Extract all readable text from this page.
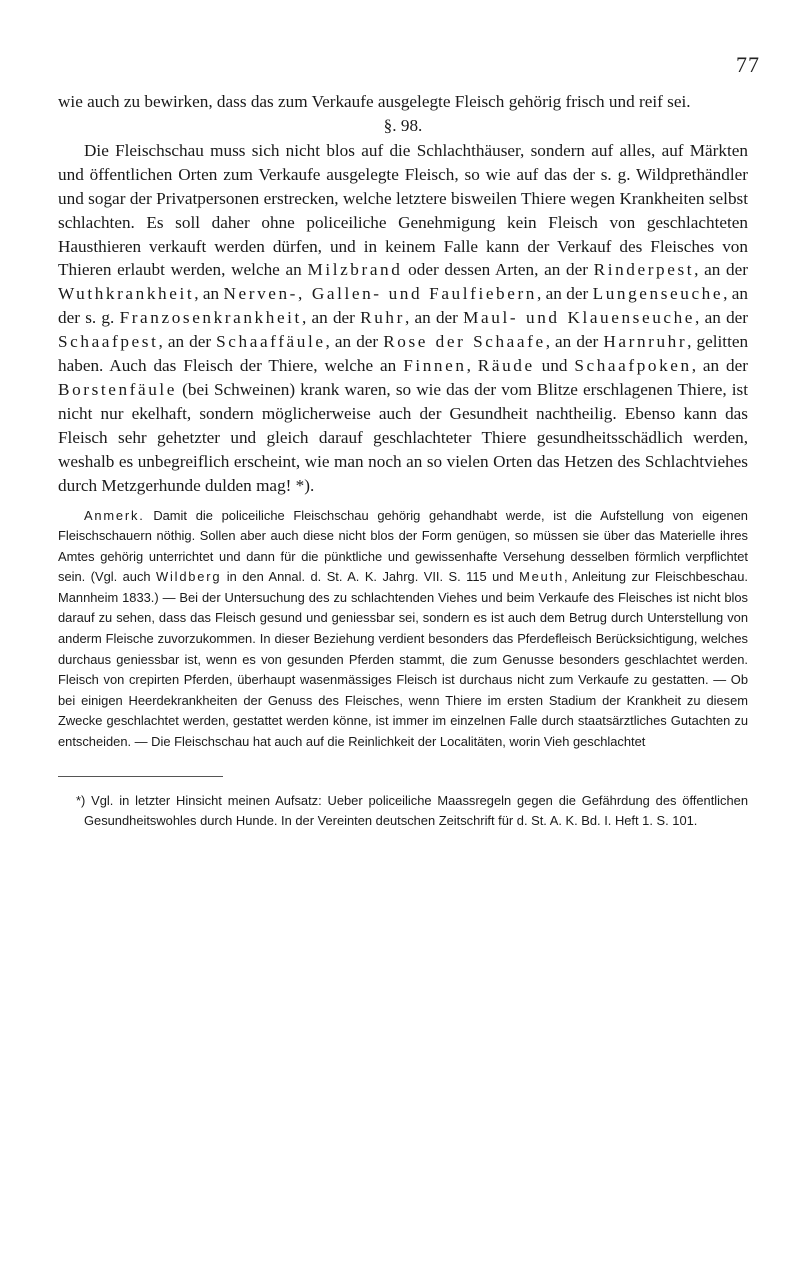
77

wie auch zu bewirken, dass das zum Verkaufe ausgelegte Fleisch gehörig frisch und reif sei.

§. 98.

Die Fleischschau muss sich nicht blos auf die Schlachthäuser, sondern auf alles, auf Märkten und öffentlichen Orten zum Verkaufe ausgelegte Fleisch, so wie auf das der s. g. Wildprethändler und sogar der Privatpersonen erstrecken, welche letztere bisweilen Thiere wegen Krankheiten selbst schlachten. Es soll daher ohne policeiliche Genehmigung kein Fleisch von geschlachteten Hausthieren verkauft werden dürfen, und in keinem Falle kann der Verkauf des Fleisches von Thieren erlaubt werden, welche an Milzbrand oder dessen Arten, an der Rinderpest, an der Wuthkrankheit, an Nerven-, Gallen- und Faulfiebern, an der Lungenseuche, an der s. g. Franzosenkrankheit, an der Ruhr, an der Maul- und Klauenseuche, an der Schaafpest, an der Schaaffäule, an der Rose der Schaafe, an der Harnruhr, gelitten haben. Auch das Fleisch der Thiere, welche an Finnen, Räude und Schaafpoken, an der Borstenfäule (bei Schweinen) krank waren, so wie das der vom Blitze erschlagenen Thiere, ist nicht nur ekelhaft, sondern möglicherweise auch der Gesundheit nachtheilig. Ebenso kann das Fleisch sehr gehetzter und gleich darauf geschlachteter Thiere gesundheitsschädlich werden, weshalb es unbegreiflich erscheint, wie man noch an so vielen Orten das Hetzen des Schlachtviehes durch Metzgerhunde dulden mag! *).

Anmerk. Damit die policeiliche Fleischschau gehörig gehandhabt werde, ist die Aufstellung von eigenen Fleischschauern nöthig. Sollen aber auch diese nicht blos der Form genügen, so müssen sie über das Materielle ihres Amtes gehörig unterrichtet und dann für die pünktliche und gewissenhafte Versehung desselben förmlich verpflichtet sein. (Vgl. auch Wildberg in den Annal. d. St. A. K. Jahrg. VII. S. 115 und Meuth, Anleitung zur Fleischbeschau. Mannheim 1833.) — Bei der Untersuchung des zu schlachtenden Viehes und beim Verkaufe des Fleisches ist nicht blos darauf zu sehen, dass das Fleisch gesund und geniessbar sei, sondern es ist auch dem Betrug durch Unterstellung von anderm Fleische zuvorzukommen. In dieser Beziehung verdient besonders das Pferdefleisch Berücksichtigung, welches durchaus geniessbar ist, wenn es von gesunden Pferden stammt, die zum Genusse besonders geschlachtet werden. Fleisch von crepirten Pferden, überhaupt wasenmässiges Fleisch ist durchaus nicht zum Verkaufe zu gestatten. — Ob bei einigen Heerdekrankheiten der Genuss des Fleisches, wenn Thiere im ersten Stadium der Krankheit zu diesem Zwecke geschlachtet werden, gestattet werden könne, ist immer im einzelnen Falle durch staatsärztliches Gutachten zu entscheiden. — Die Fleischschau hat auch auf die Reinlichkeit der Localitäten, worin Vieh geschlachtet

*) Vgl. in letzter Hinsicht meinen Aufsatz: Ueber policeiliche Maassregeln gegen die Gefährdung des öffentlichen Gesundheitswohles durch Hunde. In der Vereinten deutschen Zeitschrift für d. St. A. K. Bd. I. Heft 1. S. 101.
